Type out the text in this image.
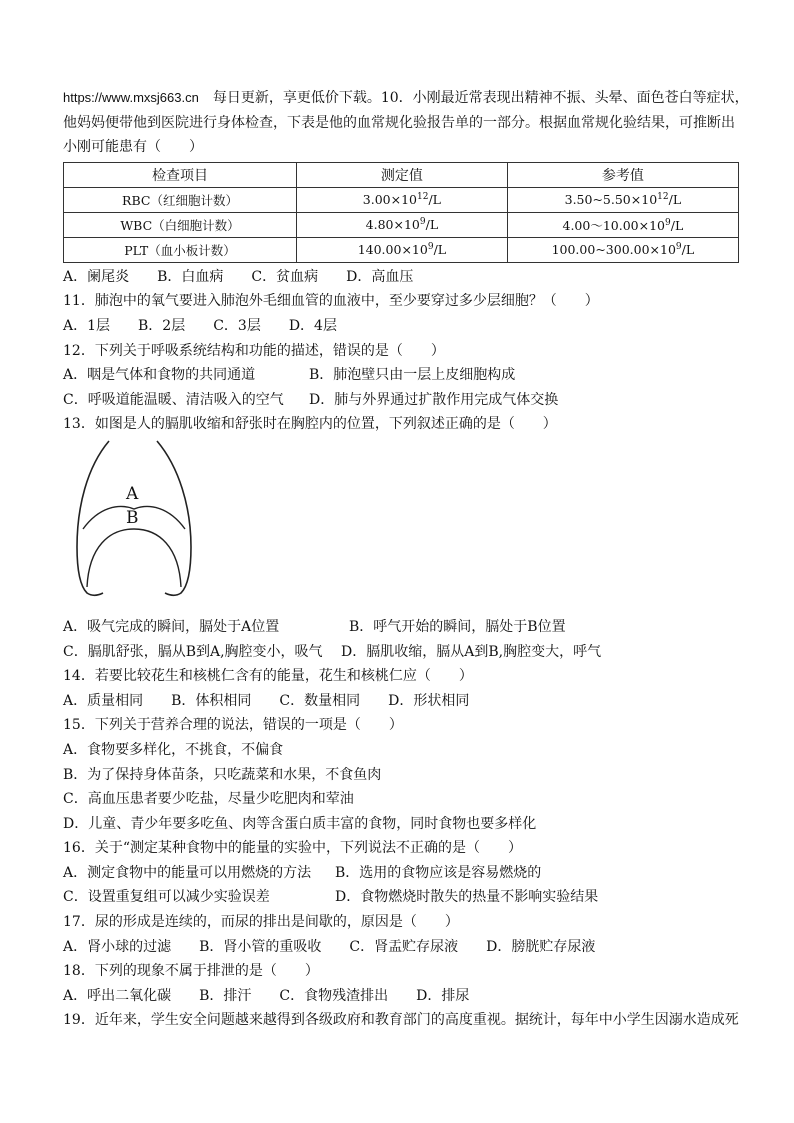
https://www.mxsj663.cn 每日更新，享更低价下载。10．小刚最近常表现出精神不振、头晕、面色苍白等症状，
他妈妈便带他到医院进行身体检查，下表是他的血常规化验报告单的一部分。根据血常规化验结果，可推断出
小刚可能患有（　　）
检查项目	测定值	参考值
RBC（红细胞计数）	$3.00\times 10^{12}/L$	$3.50\sim 5.50\times 10^{12}/L$
WBC（白细胞计数）	$4.80\times 10^9/L$	$4.00\sim 10.00\times 10^9/L$
PLT（血小板计数）	$140.00\times 10^9/L$	$100.00\sim 300.00\times 10^9/L$
A．阑尾炎　　B．白血病　　C．贫血病　　D．高血压
11．肺泡中的氧气要进入肺泡外毛细血管的血液中，至少要穿过多少层细胞？（　　）
A．1层　　B．2层　　C．3层　　D．4层
12．下列关于呼吸系统结构和功能的描述，错误的是（　　）
A．咽是气体和食物的共同通道	B．肺泡壁只由一层上皮细胞构成
C．呼吸道能温暖、清洁吸入的空气 D．肺与外界通过扩散作用完成气体交换
13．如图是人的膈肌收缩和舒张时在胸腔内的位置，下列叙述正确的是（　　）
A
B
A．吸气完成的瞬间，膈处于A位置	B．呼气开始的瞬间，膈处于B位置
C．膈肌舒张，膈从B到A,胸腔变小，吸气 D．膈肌收缩，膈从A到B,胸腔变大，呼气
14．若要比较花生和核桃仁含有的能量，花生和核桃仁应（　　）
A．质量相同　　B．体积相同　　C．数量相同　　D．形状相同
15．下列关于营养合理的说法，错误的一项是（　　）
A．食物要多样化，不挑食，不偏食
B．为了保持身体苗条，只吃蔬菜和水果，不食鱼肉
C．高血压患者要少吃盐，尽量少吃肥肉和荤油
D．儿童、青少年要多吃鱼、肉等含蛋白质丰富的食物，同时食物也要多样化
16．关于“测定某种食物中的能量的实验中，下列说法不正确的是（　　）
A．测定食物中的能量可以用燃烧的方法 B．选用的食物应该是容易燃烧的
C．设置重复组可以减少实验误差	D．食物燃烧时散失的热量不影响实验结果
17．尿的形成是连续的，而尿的排出是间歇的，原因是（　　）
A．肾小球的过滤　　B．肾小管的重吸收　　C．肾盂贮存尿液　　D．膀胱贮存尿液
18．下列的现象不属于排泄的是（　　）
A．呼出二氧化碳　　B．排汗　　C．食物残渣排出　　D．排尿
19．近年来，学生安全问题越来越得到各级政府和教育部门的高度重视。据统计，每年中小学生因溺水造成死
